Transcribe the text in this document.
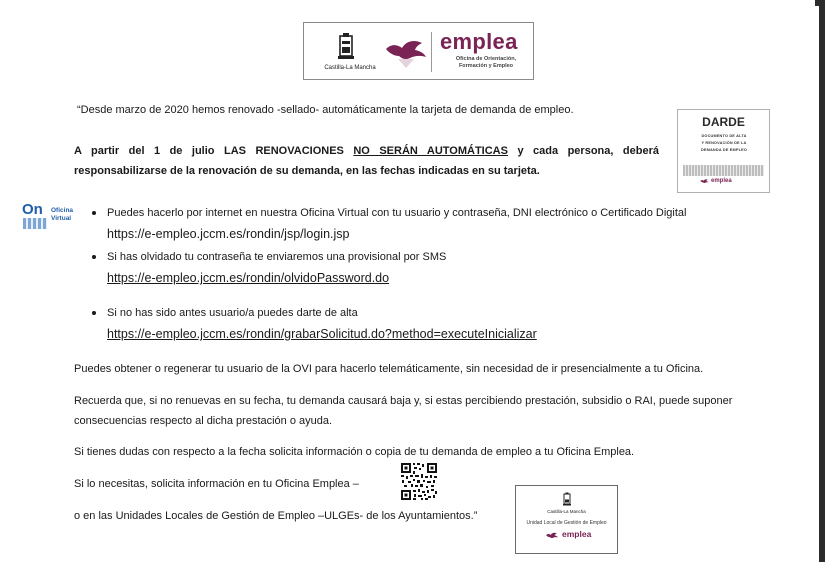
Castilla-La Mancha
emplea
Oficina de Orientación,
Formación y Empleo
“Desde marzo de 2020 hemos renovado -sellado- automáticamente la tarjeta de demanda de empleo.
A partir del 1 de julio LAS RENOVACIONES NO SERÁN AUTOMÁTICAS y cada persona, deberá
responsabilizarse de la renovación de su demanda, en las fechas indicadas en su tarjeta.
DARDE
DOCUMENTO DE ALTA
Y RENOVACIÓN DE LA
DEMANDA DE EMPLEO
emplea
On Oficina
Virtual	Puedes hacerlo por internet en nuestra Oficina Virtual con tu usuario y contraseña, DNI electrónico o Certificado Digital
https://e-empleo.jccm.es/rondin/jsp/login.jsp
Si has olvidado tu contraseña te enviaremos una provisional por SMS
https://e-empleo.jccm.es/rondin/olvidoPassword.do
Si no has sido antes usuario/a puedes darte de alta
https://e-empleo.jccm.es/rondin/grabarSolicitud.do?method=executeInicializar
Puedes obtener o regenerar tu usuario de la OVI para hacerlo telemáticamente, sin necesidad de ir presencialmente a tu Oficina.
Recuerda que, si no renuevas en su fecha, tu demanda causará baja y, si estas percibiendo prestación, subsidio o RAI, puede suponer
consecuencias respecto al dicha prestación o ayuda.
Si tienes dudas con respecto a la fecha solicita información o copia de tu demanda de empleo a tu Oficina Emplea.
Si lo necesitas, solicita información en tu Oficina Emplea –
o en las Unidades Locales de Gestión de Empleo –ULGEs- de los Ayuntamientos.”	Castilla-La Mancha
Unidad Local de Gestión de Empleo
emplea
